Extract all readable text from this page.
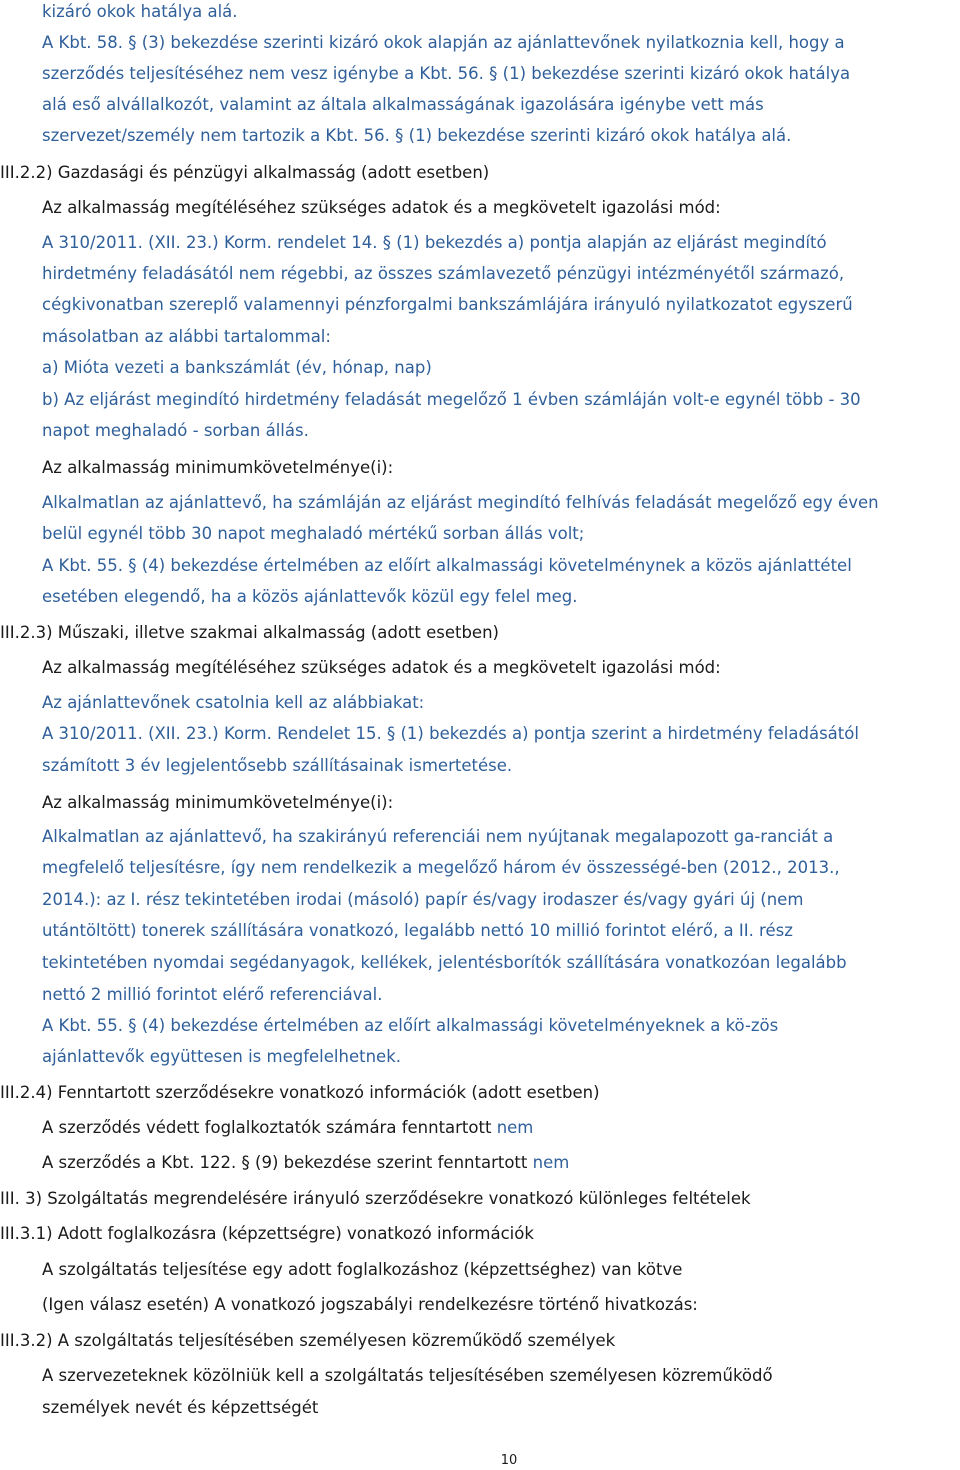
kizáró okok hatálya alá.
A Kbt. 58. § (3) bekezdése szerinti kizáró okok alapján az ajánlattevőnek nyilatkoznia kell, hogy a
szerződés teljesítéséhez nem vesz igénybe a Kbt. 56. § (1) bekezdése szerinti kizáró okok hatálya
alá eső alvállalkozót, valamint az általa alkalmasságának igazolására igénybe vett más
szervezet/személy nem tartozik a Kbt. 56. § (1) bekezdése szerinti kizáró okok hatálya alá.
III.2.2) Gazdasági és pénzügyi alkalmasság (adott esetben)
Az alkalmasság megítéléséhez szükséges adatok és a megkövetelt igazolási mód:
A 310/2011. (XII. 23.) Korm. rendelet 14. § (1) bekezdés a) pontja alapján az eljárást megindító
hirdetmény feladásától nem régebbi, az összes számlavezető pénzügyi intézményétől származó,
cégkivonatban szereplő valamennyi pénzforgalmi bankszámlájára irányuló nyilatkozatot egyszerű
másolatban az alábbi tartalommal:
a) Mióta vezeti a bankszámlát (év, hónap, nap)
b) Az eljárást megindító hirdetmény feladását megelőző 1 évben számláján volt-e egynél több - 30
napot meghaladó - sorban állás.
Az alkalmasság minimumkövetelménye(i):
Alkalmatlan az ajánlattevő, ha számláján az eljárást megindító felhívás feladását megelőző egy éven
belül egynél több 30 napot meghaladó mértékű sorban állás volt;
A Kbt. 55. § (4) bekezdése értelmében az előírt alkalmassági követelménynek a közös ajánlattétel
esetében elegendő, ha a közös ajánlattevők közül egy felel meg.
III.2.3) Műszaki, illetve szakmai alkalmasság (adott esetben)
Az alkalmasság megítéléséhez szükséges adatok és a megkövetelt igazolási mód:
Az ajánlattevőnek csatolnia kell az alábbiakat:
A 310/2011. (XII. 23.) Korm. Rendelet 15. § (1) bekezdés a) pontja szerint a hirdetmény feladásától
számított 3 év legjelentősebb szállításainak ismertetése.
Az alkalmasság minimumkövetelménye(i):
Alkalmatlan az ajánlattevő, ha szakirányú referenciái nem nyújtanak megalapozott ga-ranciát a
megfelelő teljesítésre, így nem rendelkezik a megelőző három év összességé-ben (2012., 2013.,
2014.): az I. rész tekintetében irodai (másoló) papír és/vagy irodaszer és/vagy gyári új (nem
utántöltött) tonerek szállítására vonatkozó, legalább nettó 10 millió forintot elérő, a II. rész
tekintetében nyomdai segédanyagok, kellékek, jelentésborítók szállítására vonatkozóan legalább
nettó 2 millió forintot elérő referenciával.
A Kbt. 55. § (4) bekezdése értelmében az előírt alkalmassági követelményeknek a kö-zös
ajánlattevők együttesen is megfelelhetnek.
III.2.4) Fenntartott szerződésekre vonatkozó információk (adott esetben)
A szerződés védett foglalkoztatók számára fenntartott nem
A szerződés a Kbt. 122. § (9) bekezdése szerint fenntartott nem
III. 3) Szolgáltatás megrendelésére irányuló szerződésekre vonatkozó különleges feltételek
III.3.1) Adott foglalkozásra (képzettségre) vonatkozó információk
A szolgáltatás teljesítése egy adott foglalkozáshoz (képzettséghez) van kötve
(Igen válasz esetén) A vonatkozó jogszabályi rendelkezésre történő hivatkozás:
III.3.2) A szolgáltatás teljesítésében személyesen közreműködő személyek
A szervezeteknek közölniük kell a szolgáltatás teljesítésében személyesen közreműködő
személyek nevét és képzettségét
10
